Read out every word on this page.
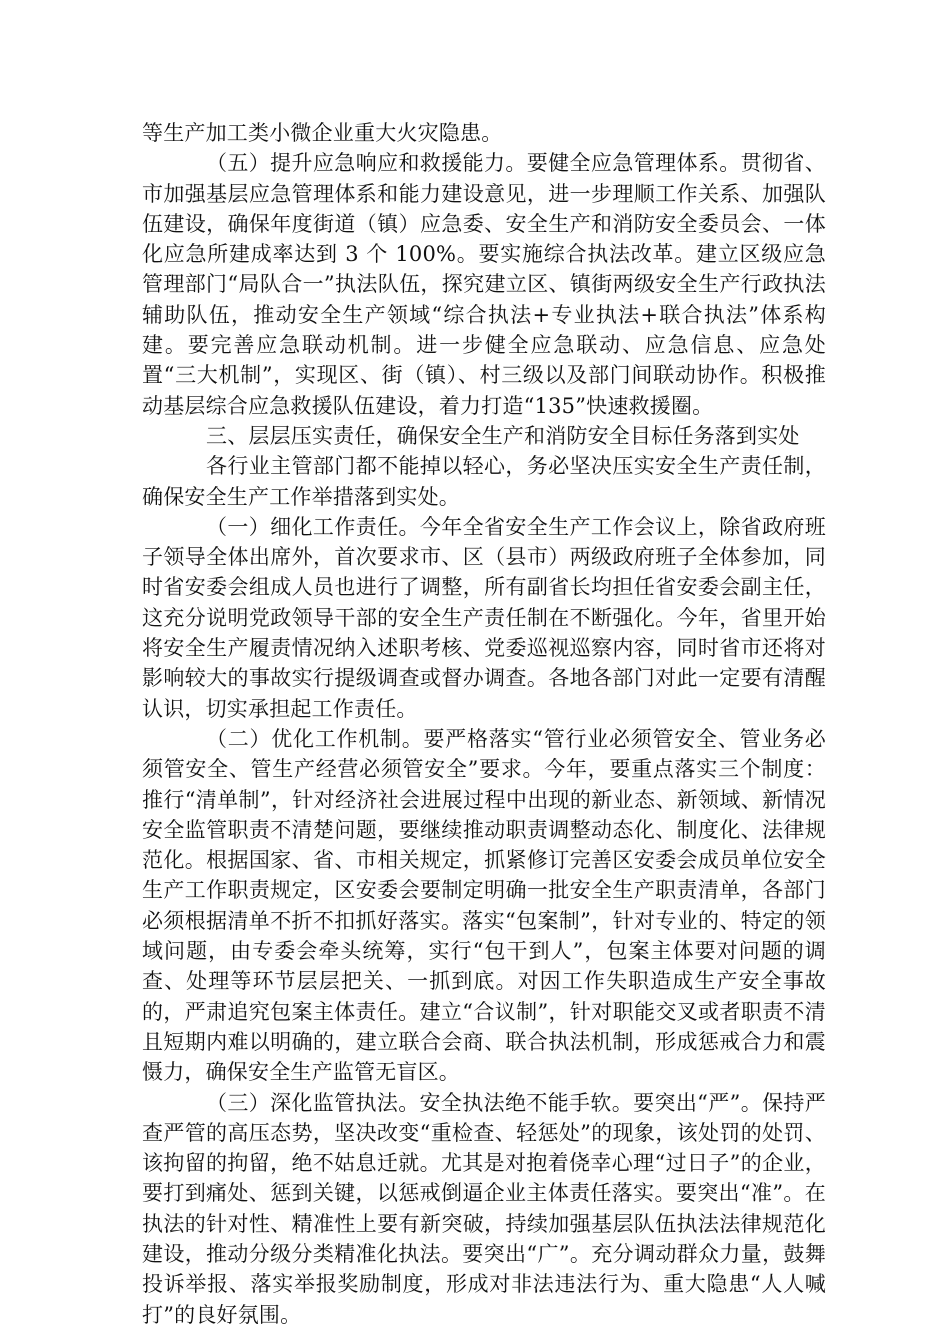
等生产加工类小微企业重大火灾隐患。

（五）提升应急响应和救援能力。要健全应急管理体系。贯彻省、市加强基层应急管理体系和能力建设意见，进一步理顺工作关系、加强队伍建设，确保年度街道（镇）应急委、安全生产和消防安全委员会、一体化应急所建成率达到 3 个 100%。要实施综合执法改革。建立区级应急管理部门“局队合一”执法队伍，探究建立区、镇街两级安全生产行政执法辅助队伍，推动安全生产领域“综合执法+专业执法+联合执法”体系构建。要完善应急联动机制。进一步健全应急联动、应急信息、应急处置“三大机制”，实现区、街（镇）、村三级以及部门间联动协作。积极推动基层综合应急救援队伍建设，着力打造“135”快速救援圈。

三、层层压实责任，确保安全生产和消防安全目标任务落到实处

各行业主管部门都不能掉以轻心，务必坚决压实安全生产责任制，确保安全生产工作举措落到实处。

（一）细化工作责任。今年全省安全生产工作会议上，除省政府班子领导全体出席外，首次要求市、区（县市）两级政府班子全体参加，同时省安委会组成人员也进行了调整，所有副省长均担任省安委会副主任，这充分说明党政领导干部的安全生产责任制在不断强化。今年，省里开始将安全生产履责情况纳入述职考核、党委巡视巡察内容，同时省市还将对影响较大的事故实行提级调查或督办调查。各地各部门对此一定要有清醒认识，切实承担起工作责任。

（二）优化工作机制。要严格落实“管行业必须管安全、管业务必须管安全、管生产经营必须管安全”要求。今年，要重点落实三个制度：推行“清单制”，针对经济社会进展过程中出现的新业态、新领域、新情况安全监管职责不清楚问题，要继续推动职责调整动态化、制度化、法律规范化。根据国家、省、市相关规定，抓紧修订完善区安委会成员单位安全生产工作职责规定，区安委会要制定明确一批安全生产职责清单，各部门必须根据清单不折不扣抓好落实。落实“包案制”，针对专业的、特定的领域问题，由专委会牵头统筹，实行“包干到人”，包案主体要对问题的调查、处理等环节层层把关、一抓到底。对因工作失职造成生产安全事故的，严肃追究包案主体责任。建立“合议制”，针对职能交叉或者职责不清且短期内难以明确的，建立联合会商、联合执法机制，形成惩戒合力和震慑力，确保安全生产监管无盲区。

（三）深化监管执法。安全执法绝不能手软。要突出“严”。保持严查严管的高压态势，坚决改变“重检查、轻惩处”的现象，该处罚的处罚、该拘留的拘留，绝不姑息迁就。尤其是对抱着侥幸心理“过日子”的企业，要打到痛处、惩到关键，以惩戒倒逼企业主体责任落实。要突出“准”。在执法的针对性、精准性上要有新突破，持续加强基层队伍执法法律规范化建设，推动分级分类精准化执法。要突出“广”。充分调动群众力量，鼓舞投诉举报、落实举报奖励制度，形成对非法违法行为、重大隐患“人人喊打”的良好氛围。
